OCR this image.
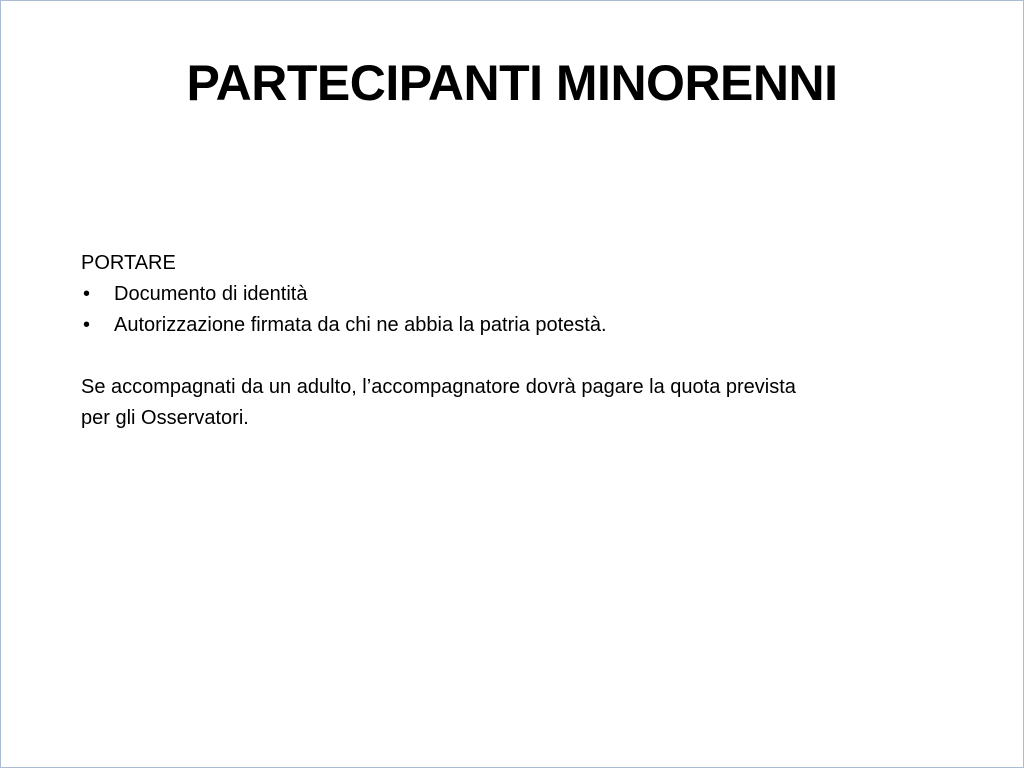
PARTECIPANTI MINORENNI
PORTARE
•	Documento di identità
•	Autorizzazione firmata da chi ne abbia la patria potestà.
Se accompagnati da un adulto, l’accompagnatore dovrà pagare la quota prevista
per gli Osservatori.
